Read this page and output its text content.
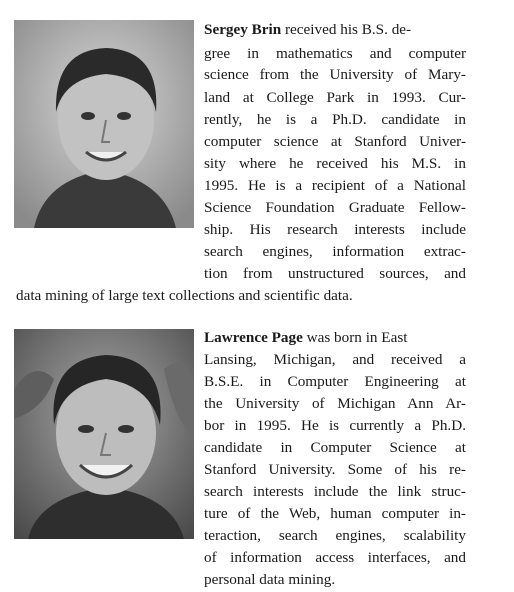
Sergey Brin received his B.S. de-
gree in mathematics and computer
science from the University of Mary-
land at College Park in 1993. Cur-
rently, he is a Ph.D. candidate in
computer science at Stanford Univer-
sity where he received his M.S. in
1995. He is a recipient of a National
Science Foundation Graduate Fellow-
ship. His research interests include
search engines, information extrac-
tion from unstructured sources, and
data mining of large text collections and scientific data.
Lawrence Page was born in East
Lansing, Michigan, and received a
B.S.E. in Computer Engineering at
the University of Michigan Ann Ar-
bor in 1995. He is currently a Ph.D.
candidate in Computer Science at
Stanford University. Some of his re-
search interests include the link struc-
ture of the Web, human computer in-
teraction, search engines, scalability
of information access interfaces, and
personal data mining.
